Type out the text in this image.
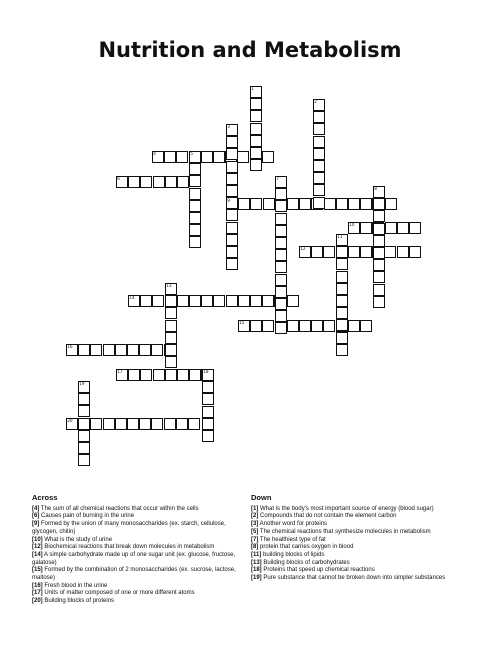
Nutrition and Metabolism
4
6
9
10
12
14
15
16
17
20
1
2
3
5
7
8
11
13
18
19
Across

[4] The sum of all chemical reactions that occur within the cells

[6] Causes pain of burning in the urine

[9] Formed by the union of many monosaccharides (ex. starch, cellulose, glycogen, chitin)

[10] What is the study of urine

[12] Biochemical reactions that break down molecules in metabolism

[14] A simple carbohydrate made up of one sugar unit (ex. glucose, fructose, galatose)

[15] Formed by the combination of 2 monosaccharides (ex. sucrose, lactose, maltose)

[16] Fresh blood in the urine

[17] Units of matter composed of one or more different atoms

[20] Building blocks of proteins

Down

[1] What is the body's most important source of energy (blood sugar)

[2] Compounds that do not contain the element carbon

[3] Another word for proteins

[5] The chemical reactions that synthesize molecules in metabolism

[7] The healthiest type of fat

[8] protein that carries oxygen in blood

[11] building blocks of lipids

[13] Building blocks of carbohydrates

[18] Proteins that speed up chemical reactions

[19] Pure substance that cannot be broken down into simpler substances
